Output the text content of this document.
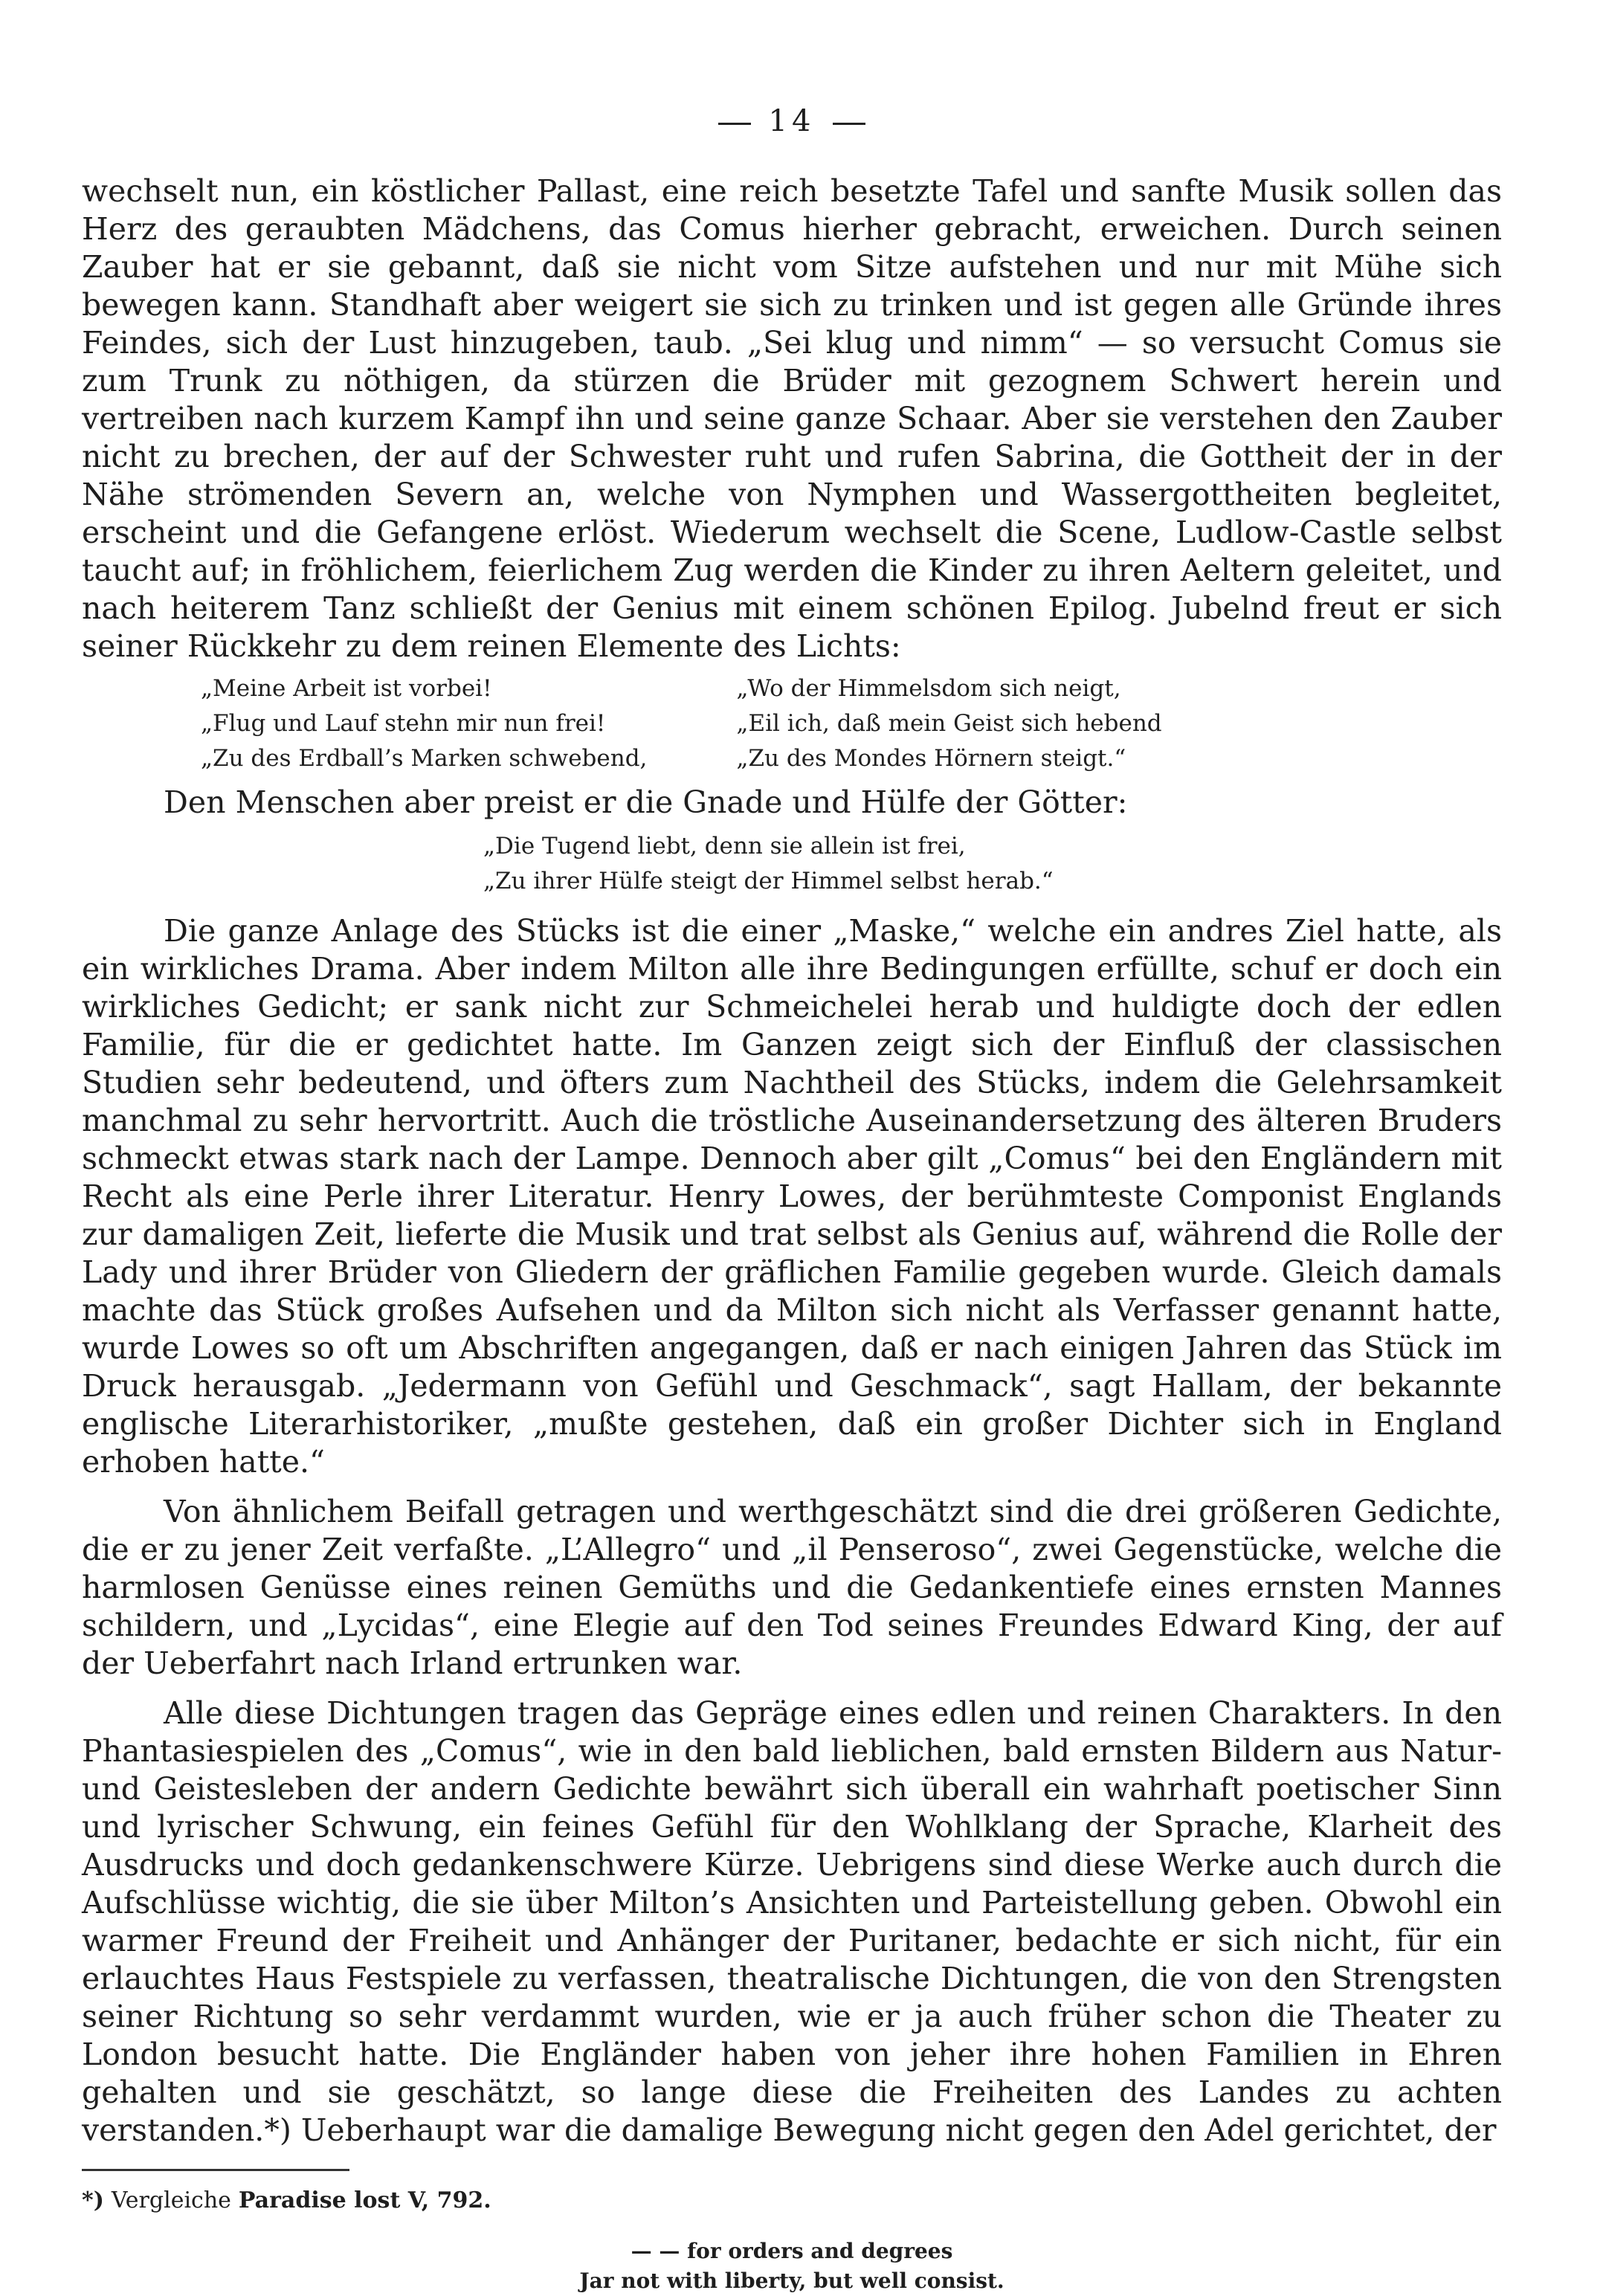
14

wechselt nun, ein köstlicher Pallast, eine reich besetzte Tafel und sanfte Musik sollen das Herz des geraubten Mädchens, das Comus hierher gebracht, erweichen. Durch seinen Zauber hat er sie gebannt, daß sie nicht vom Sitze aufstehen und nur mit Mühe sich bewegen kann. Standhaft aber weigert sie sich zu trinken und ist gegen alle Gründe ihres Feindes, sich der Lust hinzugeben, taub. „Sei klug und nimm“ — so versucht Comus sie zum Trunk zu nöthigen, da stürzen die Brüder mit gezognem Schwert herein und vertreiben nach kurzem Kampf ihn und seine ganze Schaar. Aber sie verstehen den Zauber nicht zu brechen, der auf der Schwester ruht und rufen Sabrina, die Gottheit der in der Nähe strömenden Severn an, welche von Nymphen und Wassergottheiten begleitet, erscheint und die Gefangene erlöst. Wiederum wechselt die Scene, Ludlow-Castle selbst taucht auf; in fröhlichem, feierlichem Zug werden die Kinder zu ihren Aeltern geleitet, und nach heiterem Tanz schließt der Genius mit einem schönen Epilog. Jubelnd freut er sich seiner Rückkehr zu dem reinen Elemente des Lichts:

„Meine Arbeit ist vorbei!
„Flug und Lauf stehn mir nun frei!
„Zu des Erdball’s Marken schwebend,
„Wo der Himmelsdom sich neigt,
„Eil ich, daß mein Geist sich hebend
„Zu des Mondes Hörnern steigt.“

Den Menschen aber preist er die Gnade und Hülfe der Götter:

„Die Tugend liebt, denn sie allein ist frei,
„Zu ihrer Hülfe steigt der Himmel selbst herab.“

Die ganze Anlage des Stücks ist die einer „Maske,“ welche ein andres Ziel hatte, als ein wirkliches Drama. Aber indem Milton alle ihre Bedingungen erfüllte, schuf er doch ein wirkliches Gedicht; er sank nicht zur Schmeichelei herab und huldigte doch der edlen Familie, für die er gedichtet hatte. Im Ganzen zeigt sich der Einfluß der classischen Studien sehr bedeutend, und öfters zum Nachtheil des Stücks, indem die Gelehrsamkeit manchmal zu sehr hervortritt. Auch die tröstliche Auseinandersetzung des älteren Bruders schmeckt etwas stark nach der Lampe. Dennoch aber gilt „Comus“ bei den Engländern mit Recht als eine Perle ihrer Literatur. Henry Lowes, der berühmteste Componist Englands zur damaligen Zeit, lieferte die Musik und trat selbst als Genius auf, während die Rolle der Lady und ihrer Brüder von Gliedern der gräflichen Familie gegeben wurde. Gleich damals machte das Stück großes Aufsehen und da Milton sich nicht als Verfasser genannt hatte, wurde Lowes so oft um Abschriften angegangen, daß er nach einigen Jahren das Stück im Druck herausgab. „Jedermann von Gefühl und Geschmack“, sagt Hallam, der bekannte englische Literarhistoriker, „mußte gestehen, daß ein großer Dichter sich in England erhoben hatte.“

Von ähnlichem Beifall getragen und werthgeschätzt sind die drei größeren Gedichte, die er zu jener Zeit verfaßte. „L’Allegro“ und „il Penseroso“, zwei Gegenstücke, welche die harmlosen Genüsse eines reinen Gemüths und die Gedankentiefe eines ernsten Mannes schildern, und „Lycidas“, eine Elegie auf den Tod seines Freundes Edward King, der auf der Ueberfahrt nach Irland ertrunken war.

Alle diese Dichtungen tragen das Gepräge eines edlen und reinen Charakters. In den Phantasiespielen des „Comus“, wie in den bald lieblichen, bald ernsten Bildern aus Natur- und Geistesleben der andern Gedichte bewährt sich überall ein wahrhaft poetischer Sinn und lyrischer Schwung, ein feines Gefühl für den Wohlklang der Sprache, Klarheit des Ausdrucks und doch gedankenschwere Kürze. Uebrigens sind diese Werke auch durch die Aufschlüsse wichtig, die sie über Milton’s Ansichten und Parteistellung geben. Obwohl ein warmer Freund der Freiheit und Anhänger der Puritaner, bedachte er sich nicht, für ein erlauchtes Haus Festspiele zu verfassen, theatralische Dichtungen, die von den Strengsten seiner Richtung so sehr verdammt wurden, wie er ja auch früher schon die Theater zu London besucht hatte. Die Engländer haben von jeher ihre hohen Familien in Ehren gehalten und sie geschätzt, so lange diese die Freiheiten des Landes zu achten verstanden.*) Ueberhaupt war die damalige Bewegung nicht gegen den Adel gerichtet, der

*) Vergleiche Paradise lost V, 792.
— — for orders and degrees
Jar not with liberty, but well consist.
